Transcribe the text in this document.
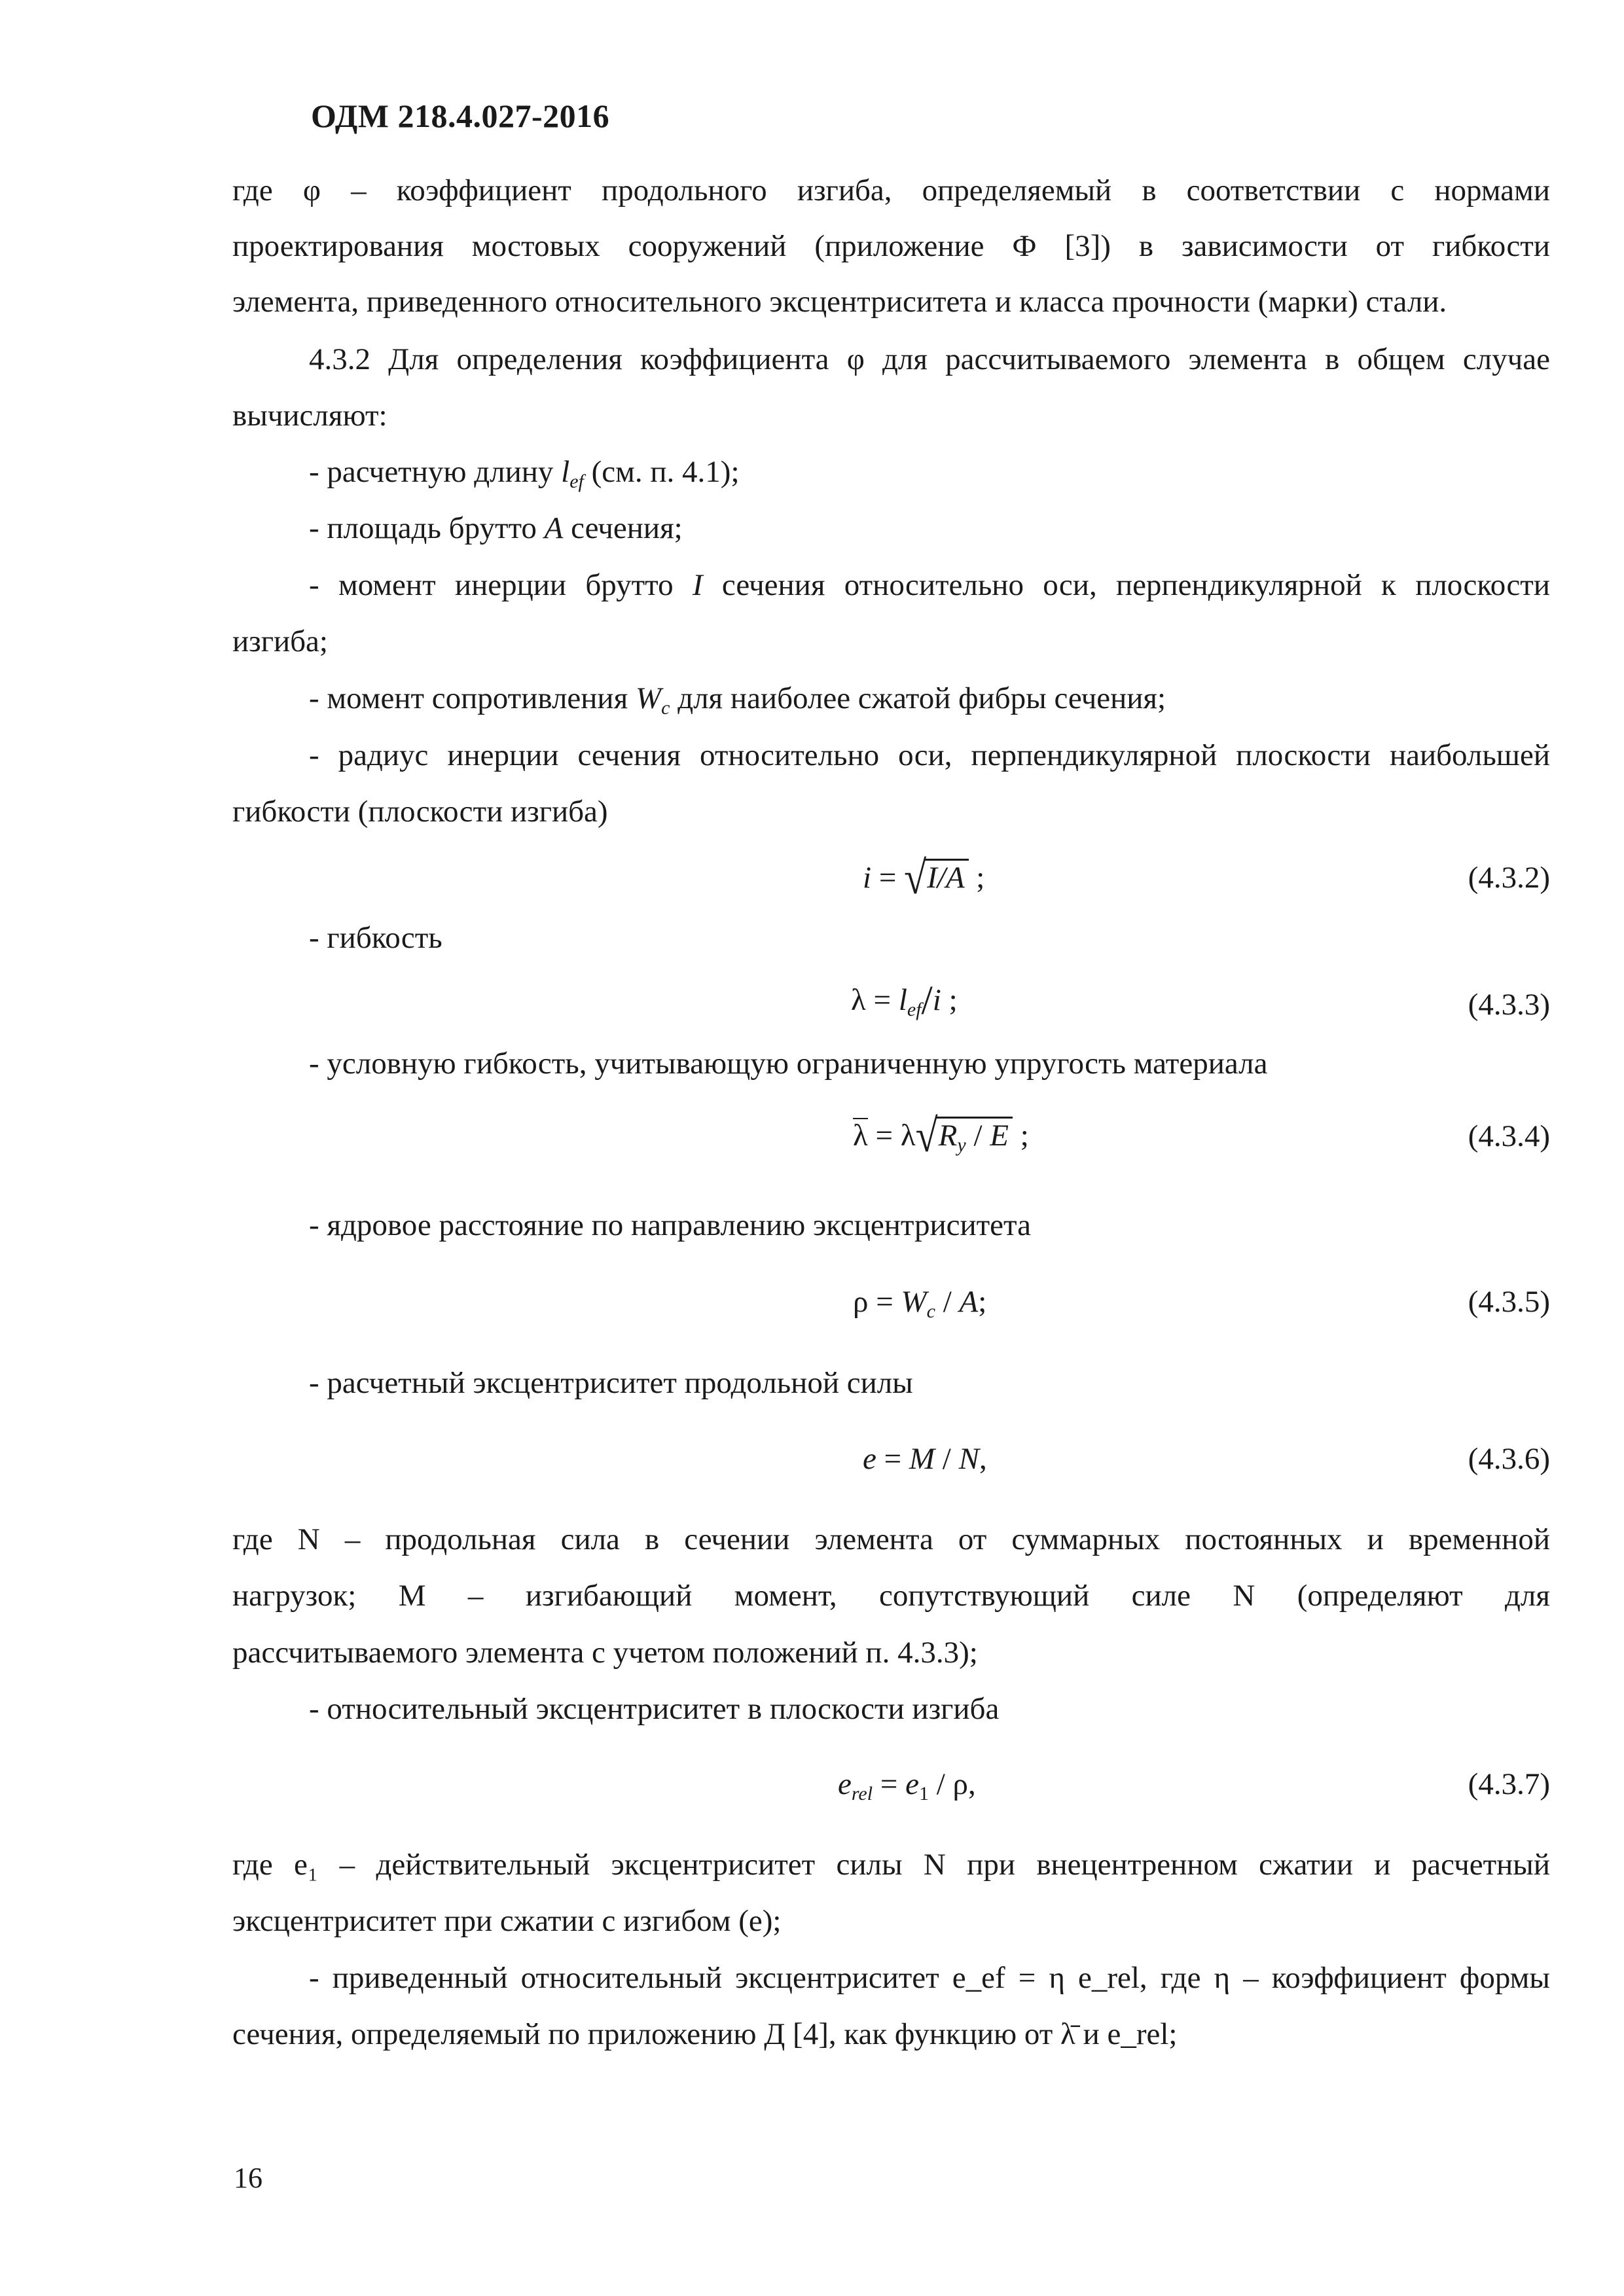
ОДМ 218.4.027-2016
где φ – коэффициент продольного изгиба, определяемый в соответствии с нормами
проектирования мостовых сооружений (приложение Ф [3]) в зависимости от гибкости
элемента, приведенного относительного эксцентриситета и класса прочности (марки) стали.
4.3.2 Для определения коэффициента φ для рассчитываемого элемента в общем случае
вычисляют:
- расчетную длину $l_{ef}$ (см. п. 4.1);
- площадь брутто A сечения;
- момент инерции брутто I сечения относительно оси, перпендикулярной к плоскости
изгиба;
- момент сопротивления $W_c$ для наиболее сжатой фибры сечения;
- радиус инерции сечения относительно оси, перпендикулярной плоскости наибольшей
гибкости (плоскости изгиба)
i = √I/A ;	(4.3.2)
- гибкость
$\lambda = l_{ef}/i$ ;	(4.3.3)
- условную гибкость, учитывающую ограниченную упругость материала
$\lambda = \lambda√R_y / E$ ;	(4.3.4)
- ядровое расстояние по направлению эксцентриситета
$\rho = W_c / A$;	(4.3.5)
- расчетный эксцентриситет продольной силы
e = M / N,	(4.3.6)
где N – продольная сила в сечении элемента от суммарных постоянных и временной
нагрузок; M – изгибающий момент, сопутствующий силе N (определяют для
рассчитываемого элемента с учетом положений п. 4.3.3);
- относительный эксцентриситет в плоскости изгиба
$e_{rel} = e_1 / \rho$,	(4.3.7)
где e₁ – действительный эксцентриситет силы N при внецентренном сжатии и расчетный
эксцентриситет при сжатии с изгибом (e);
- приведенный относительный эксцентриситет e_ef = η e_rel, где η – коэффициент формы
сечения, определяемый по приложению Д [4], как функцию от λ̄ и e_rel;
16
